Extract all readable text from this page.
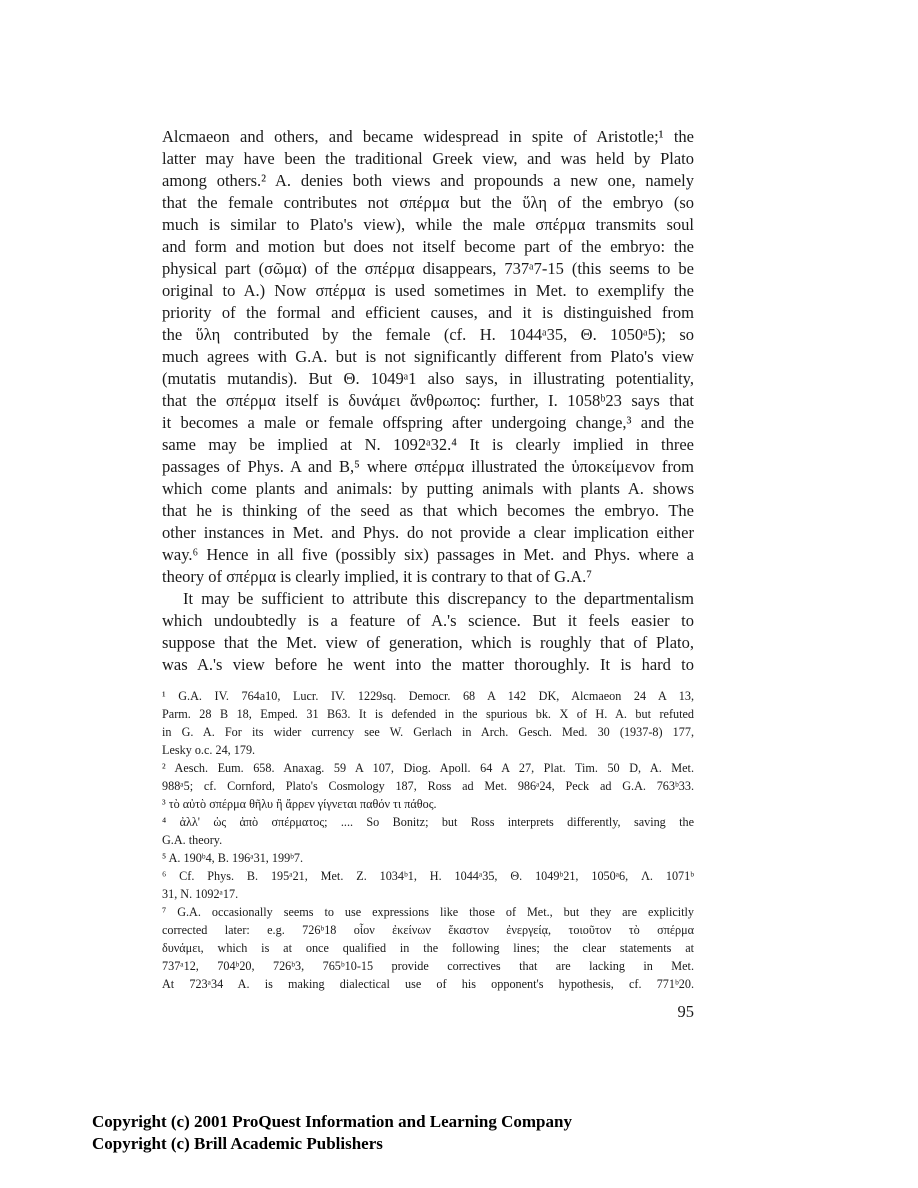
Alcmaeon and others, and became widespread in spite of Aristotle;¹ the
latter may have been the traditional Greek view, and was held by Plato
among others.² A. denies both views and propounds a new one, namely
that the female contributes not σπέρμα but the ὕλη of the embryo (so
much is similar to Plato's view), while the male σπέρμα transmits soul
and form and motion but does not itself become part of the embryo: the
physical part (σῶμα) of the σπέρμα disappears, 737ᵃ7-15 (this seems to be
original to A.) Now σπέρμα is used sometimes in Met. to exemplify the
priority of the formal and efficient causes, and it is distinguished from
the ὕλη contributed by the female (cf. H. 1044ᵃ35, Θ. 1050ᵃ5); so
much agrees with G.A. but is not significantly different from Plato's view
(mutatis mutandis). But Θ. 1049ᵃ1 also says, in illustrating potentiality,
that the σπέρμα itself is δυνάμει ἄνθρωπος: further, I. 1058ᵇ23 says that
it becomes a male or female offspring after undergoing change,³ and the
same may be implied at N. 1092ᵃ32.⁴ It is clearly implied in three
passages of Phys. A and B,⁵ where σπέρμα illustrated the ὑποκείμενον from
which come plants and animals: by putting animals with plants A. shows
that he is thinking of the seed as that which becomes the embryo. The
other instances in Met. and Phys. do not provide a clear implication either
way.⁶ Hence in all five (possibly six) passages in Met. and Phys. where a
theory of σπέρμα is clearly implied, it is contrary to that of G.A.⁷
It may be sufficient to attribute this discrepancy to the departmentalism
which undoubtedly is a feature of A.'s science. But it feels easier to
suppose that the Met. view of generation, which is roughly that of Plato,
was A.'s view before he went into the matter thoroughly. It is hard to
¹ G.A. IV. 764a10, Lucr. IV. 1229sq. Democr. 68 A 142 DK, Alcmaeon 24 A 13,
Parm. 28 B 18, Emped. 31 B63. It is defended in the spurious bk. X of H. A. but refuted
in G. A. For its wider currency see W. Gerlach in Arch. Gesch. Med. 30 (1937-8) 177,
Lesky o.c. 24, 179.
² Aesch. Eum. 658. Anaxag. 59 A 107, Diog. Apoll. 64 A 27, Plat. Tim. 50 D, A. Met.
988ᵃ5; cf. Cornford, Plato's Cosmology 187, Ross ad Met. 986ᵃ24, Peck ad G.A. 763ᵇ33.
³ τὸ αὐτὸ σπέρμα θῆλυ ἢ ἄρρεν γίγνεται παθόν τι πάθος.
⁴ ἀλλ' ὡς ἀπὸ σπέρματος; .... So Bonitz; but Ross interprets differently, saving the
G.A. theory.
⁵ A. 190ᵇ4, B. 196ᵃ31, 199ᵇ7.
⁶ Cf. Phys. B. 195ᵃ21, Met. Z. 1034ᵇ1, H. 1044ᵃ35, Θ. 1049ᵇ21, 1050ᵃ6, Λ. 1071ᵇ
31, N. 1092ᵃ17.
⁷ G.A. occasionally seems to use expressions like those of Met., but they are explicitly
corrected later: e.g. 726ᵇ18 οἷον ἐκείνων ἕκαστον ἐνεργείᾳ, τοιοῦτον τὸ σπέρμα
δυνάμει, which is at once qualified in the following lines; the clear statements at
737ᵃ12, 704ᵇ20, 726ᵇ3, 765ᵇ10-15 provide correctives that are lacking in Met.
At 723ᵃ34 A. is making dialectical use of his opponent's hypothesis, cf. 771ᵇ20.
95
Copyright (c) 2001 ProQuest Information and Learning Company
Copyright (c) Brill Academic Publishers
